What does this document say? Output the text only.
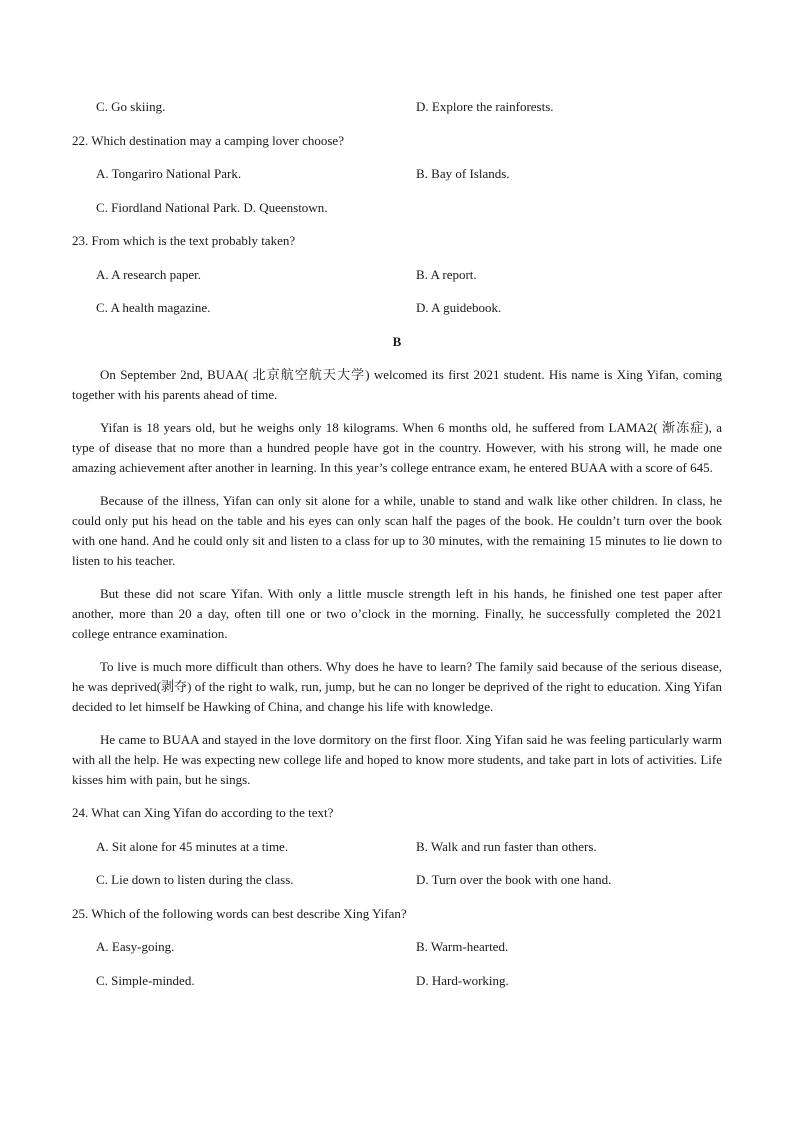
C. Go skiing.	D. Explore the rainforests.
22. Which destination may a camping lover choose?
A. Tongariro National Park.	B. Bay of Islands.
C. Fiordland National Park. D. Queenstown.
23. From which is the text probably taken?
A. A research paper.	B. A report.
C. A health magazine.	D. A guidebook.
B

On September 2nd, BUAA( 北京航空航天大学) welcomed its first 2021 student. His name is Xing Yifan, coming together with his parents ahead of time.

Yifan is 18 years old, but he weighs only 18 kilograms. When 6 months old, he suffered from LAMA2( 渐冻症), a type of disease that no more than a hundred people have got in the country. However, with his strong will, he made one amazing achievement after another in learning. In this year’s college entrance exam, he entered BUAA with a score of 645.

Because of the illness, Yifan can only sit alone for a while, unable to stand and walk like other children. In class, he could only put his head on the table and his eyes can only scan half the pages of the book. He couldn’t turn over the book with one hand. And he could only sit and listen to a class for up to 30 minutes, with the remaining 15 minutes to lie down to listen to his teacher.

But these did not scare Yifan. With only a little muscle strength left in his hands, he finished one test paper after another, more than 20 a day, often till one or two o’clock in the morning. Finally, he successfully completed the 2021 college entrance examination.

To live is much more difficult than others. Why does he have to learn? The family said because of the serious disease, he was deprived(剥夺) of the right to walk, run, jump, but he can no longer be deprived of the right to education. Xing Yifan decided to let himself be Hawking of China, and change his life with knowledge.

He came to BUAA and stayed in the love dormitory on the first floor. Xing Yifan said he was feeling particularly warm with all the help. He was expecting new college life and hoped to know more students, and take part in lots of activities. Life kisses him with pain, but he sings.

24. What can Xing Yifan do according to the text?
A. Sit alone for 45 minutes at a time.	B. Walk and run faster than others.
C. Lie down to listen during the class.	D. Turn over the book with one hand.
25. Which of the following words can best describe Xing Yifan?
A. Easy-going.	B. Warm-hearted.
C. Simple-minded.	D. Hard-working.
